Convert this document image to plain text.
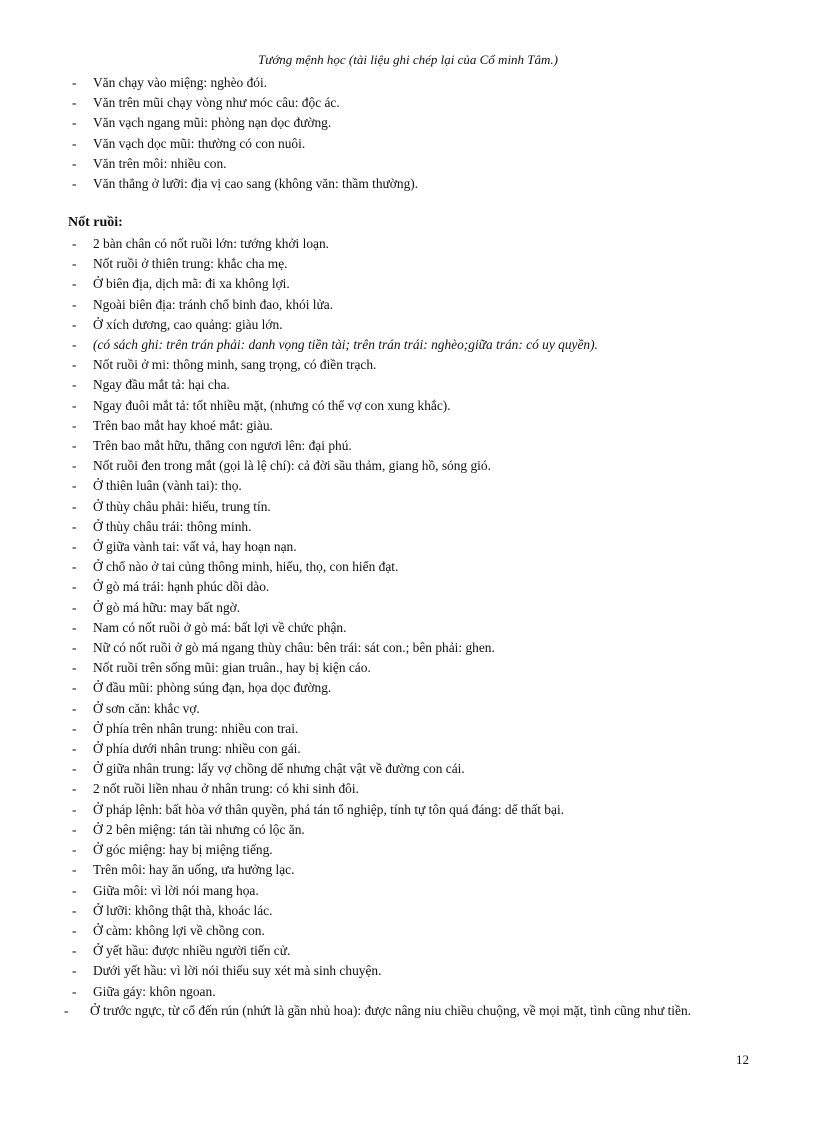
Tướng mệnh học (tài liệu ghi chép lại của Cổ minh Tâm.)
- Văn chạy vào miệng: nghèo đói.
- Văn trên mũi chạy vòng như móc câu: độc ác.
- Văn vạch ngang mũi: phòng nạn dọc đường.
- Văn vạch dọc mũi: thường có con nuôi.
- Văn trên môi: nhiều con.
- Văn thẳng ở lưỡi: địa vị cao sang (không văn: thầm thường).
Nốt ruồi:
- 2 bàn chân có nốt ruồi lớn: tướng khởi loạn.
- Nốt ruồi ở thiên trung: khắc cha mẹ.
- Ở biên địa, dịch mã: đi xa không lợi.
- Ngoài biên địa: tránh chổ binh đao, khói lửa.
- Ở xích dương, cao quảng: giàu lớn.
- (có sách ghi: trên trán phải: danh vọng tiền tài; trên trán trái: nghèo;giữa trán: có uy quyền).
- Nốt ruồi ở mi: thông minh, sang trọng, có điền trạch.
- Ngay đầu mắt tả: hại cha.
- Ngay đuôi mắt tả: tốt nhiều mặt, (nhưng có thể vợ con xung khắc).
- Trên bao mắt hay khoé mắt: giàu.
- Trên bao mắt hữu, thẳng con ngươi lên: đại phú.
- Nốt ruồi đen trong mắt (gọi là lệ chí): cả đời sầu thảm, giang hồ, sóng gió.
- Ở thiên luân (vành tai): thọ.
- Ở thùy châu phải: hiếu, trung tín.
- Ở thùy châu trái: thông minh.
- Ở giữa vành tai: vất vả, hay hoạn nạn.
- Ở chổ nào ở tai củng thông minh, hiếu, thọ, con hiển đạt.
- Ở gò má trái: hạnh phúc dồi dào.
- Ở gò má hữu: may bất ngờ.
- Nam có nốt ruồi ở gò má: bất lợi về chức phận.
- Nữ có nốt ruồi ở gò má ngang thùy châu: bên trái: sát con.; bên phải: ghen.
- Nốt ruồi trên sống mũi: gian truân., hay bị kiện cáo.
- Ở đầu mũi: phòng súng đạn, họa dọc đường.
- Ở sơn căn: khắc vợ.
- Ở phía trên nhân trung: nhiều con trai.
- Ở phía dưới nhân trung: nhiều con gái.
- Ở giữa nhân trung: lấy vợ chồng dể nhưng chật vật về đường con cái.
- 2 nốt ruồi liền nhau ở nhân trung: có khi sinh đôi.
- Ở pháp lệnh: bất hòa vớ thân quyền, phá tán tổ nghiệp, tính tự tôn quá đáng: dể thất bại.
- Ở 2 bên miệng: tán tài nhưng có lộc ăn.
- Ở góc miệng: hay bị miệng tiếng.
- Trên môi: hay ăn uống, ưa hưởng lạc.
- Giữa môi: vì lời nói mang họa.
- Ở lưỡi: không thật thà, khoác lác.
- Ở càm: không lợi về chồng con.
- Ở yết hầu: được nhiều người tiến cử.
- Dưới yết hầu: vì lời nói thiếu suy xét mà sinh chuyện.
- Giữa gáy: khôn ngoan.
-	Ở trước ngực, từ cổ đến rún (nhứt là gần nhủ hoa): được nâng niu chiều chuộng, về mọi mặt, tình cũng như tiền.
12
